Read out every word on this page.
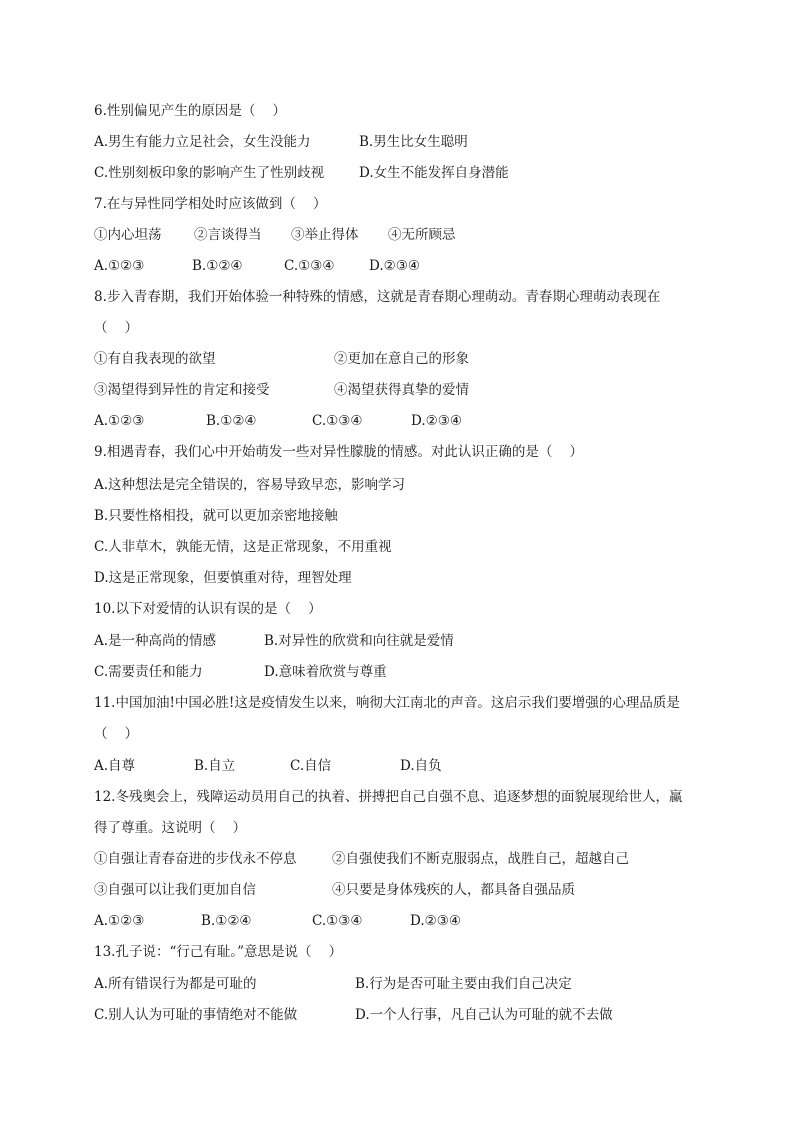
6.性别偏见产生的原因是（    ）
A.男生有能力立足社会，女生没能力	B.男生比女生聪明
C.性别刻板印象的影响产生了性别歧视	D.女生不能发挥自身潜能
7.在与异性同学相处时应该做到（    ）
①内心坦荡 ②言谈得当 ③举止得体 ④无所顾忌
A.①②③	B.①②④	C.①③④	D.②③④
8.步入青春期，我们开始体验一种特殊的情感，这就是青春期心理萌动。青春期心理萌动表现在
（    ）
①有自我表现的欲望	②更加在意自己的形象
③渴望得到异性的肯定和接受	④渴望获得真挚的爱情
A.①②③	B.①②④	C.①③④	D.②③④
9.相遇青春，我们心中开始萌发一些对异性朦胧的情感。对此认识正确的是（    ）
A.这种想法是完全错误的，容易导致早恋，影响学习
B.只要性格相投，就可以更加亲密地接触
C.人非草木，孰能无情，这是正常现象，不用重视
D.这是正常现象，但要慎重对待，理智处理
10.以下对爱情的认识有误的是（    ）
A.是一种高尚的情感	B.对异性的欣赏和向往就是爱情
C.需要责任和能力	D.意味着欣赏与尊重
11.中国加油!中国必胜!这是疫情发生以来，响彻大江南北的声音。这启示我们要增强的心理品质是
（    ）
A.自尊	B.自立	C.自信	D.自负
12.冬残奥会上，残障运动员用自己的执着、拼搏把自己自强不息、追逐梦想的面貌展现给世人，赢
得了尊重。这说明（    ）
①自强让青春奋进的步伐永不停息	②自强使我们不断克服弱点，战胜自己，超越自己
③自强可以让我们更加自信	④只要是身体残疾的人，都具备自强品质
A.①②③	B.①②④	C.①③④	D.②③④
13.孔子说：“行己有耻。”意思是说（    ）
A.所有错误行为都是可耻的	B.行为是否可耻主要由我们自己决定
C.别人认为可耻的事情绝对不能做	D.一个人行事，凡自己认为可耻的就不去做
